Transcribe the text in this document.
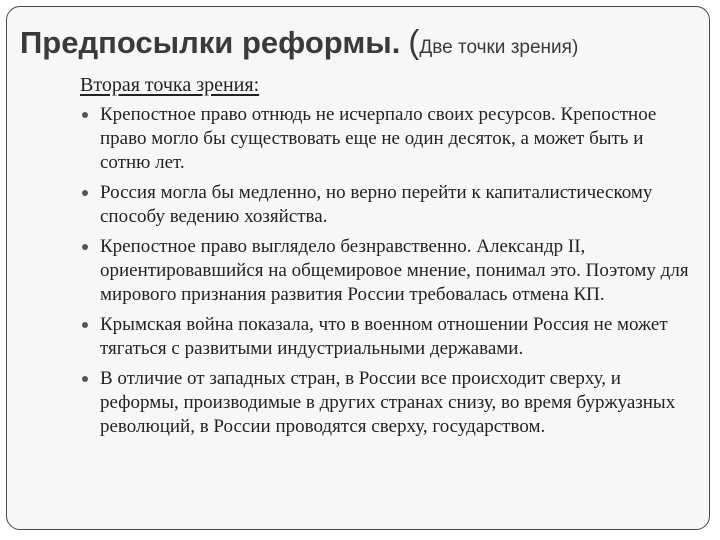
Предпосылки реформы. (Две точки зрения)

Вторая точка зрения:

Крепостное право отнюдь не исчерпало своих ресурсов. Крепостное право могло бы существовать еще не один десяток, а может быть и сотню лет.
Россия могла бы медленно, но верно перейти к капиталистическому способу ведению хозяйства.
Крепостное право выглядело безнравственно. Александр II, ориентировавшийся на общемировое мнение, понимал это. Поэтому для мирового признания развития России требовалась отмена КП.
Крымская война показала, что в военном отношении Россия не может тягаться с развитыми индустриальными державами.
В отличие от западных стран, в России все происходит сверху, и реформы, производимые в других странах снизу, во время буржуазных революций, в России проводятся сверху, государством.
